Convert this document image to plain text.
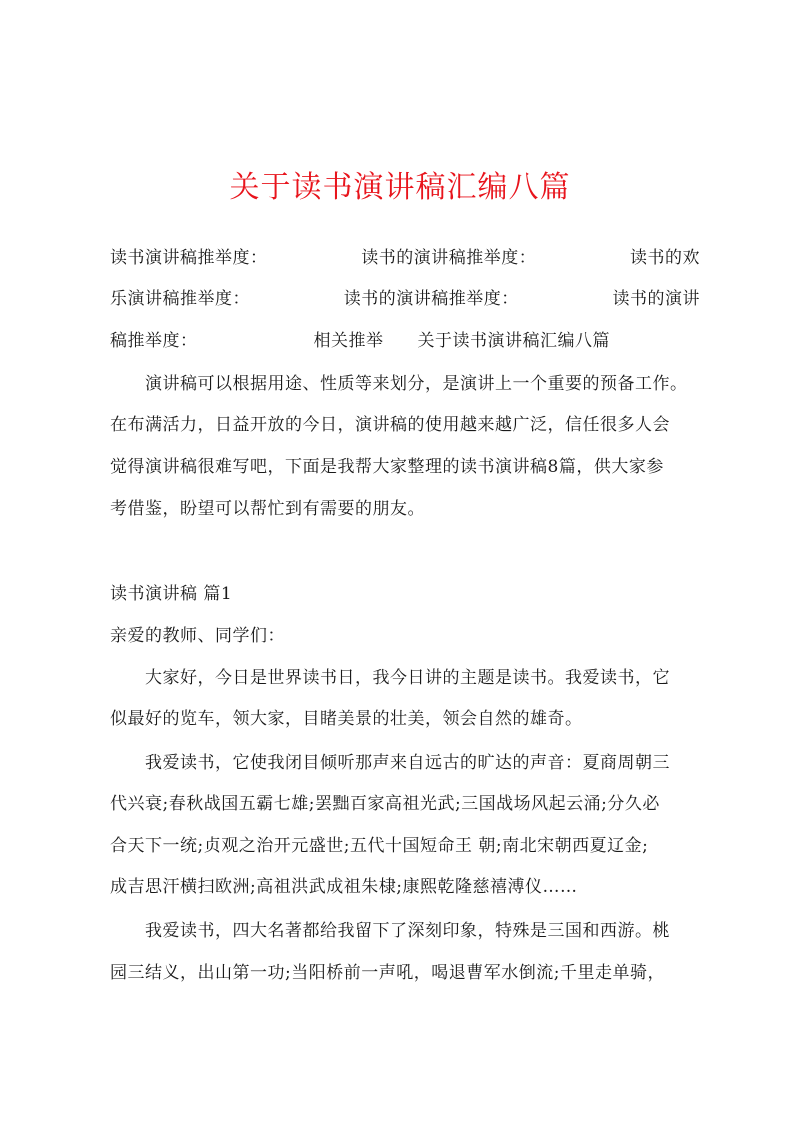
关于读书演讲稿汇编八篇
读书演讲稿推举度：	读书的演讲稿推举度：	读书的欢
乐演讲稿推举度：	读书的演讲稿推举度：	读书的演讲
稿推举度：	相关推举 关于读书演讲稿汇编八篇
演讲稿可以根据用途、性质等来划分，是演讲上一个重要的预备工作。
在布满活力，日益开放的今日，演讲稿的使用越来越广泛，信任很多人会
觉得演讲稿很难写吧，下面是我帮大家整理的读书演讲稿8篇，供大家参
考借鉴，盼望可以帮忙到有需要的朋友。
读书演讲稿 篇1
亲爱的教师、同学们：
大家好，今日是世界读书日，我今日讲的主题是读书。我爱读书，它
似最好的览车，领大家，目睹美景的壮美，领会自然的雄奇。
我爱读书，它使我闭目倾听那声来自远古的旷达的声音：夏商周朝三
代兴衰;春秋战国五霸七雄;罢黜百家高祖光武;三国战场风起云涌;分久必
合天下一统;贞观之治开元盛世;五代十国短命王 朝;南北宋朝西夏辽金;
成吉思汗横扫欧洲;高祖洪武成祖朱棣;康熙乾隆慈禧溥仪……
我爱读书，四大名著都给我留下了深刻印象，特殊是三国和西游。桃
园三结义，出山第一功;当阳桥前一声吼，喝退曹军水倒流;千里走单骑，
